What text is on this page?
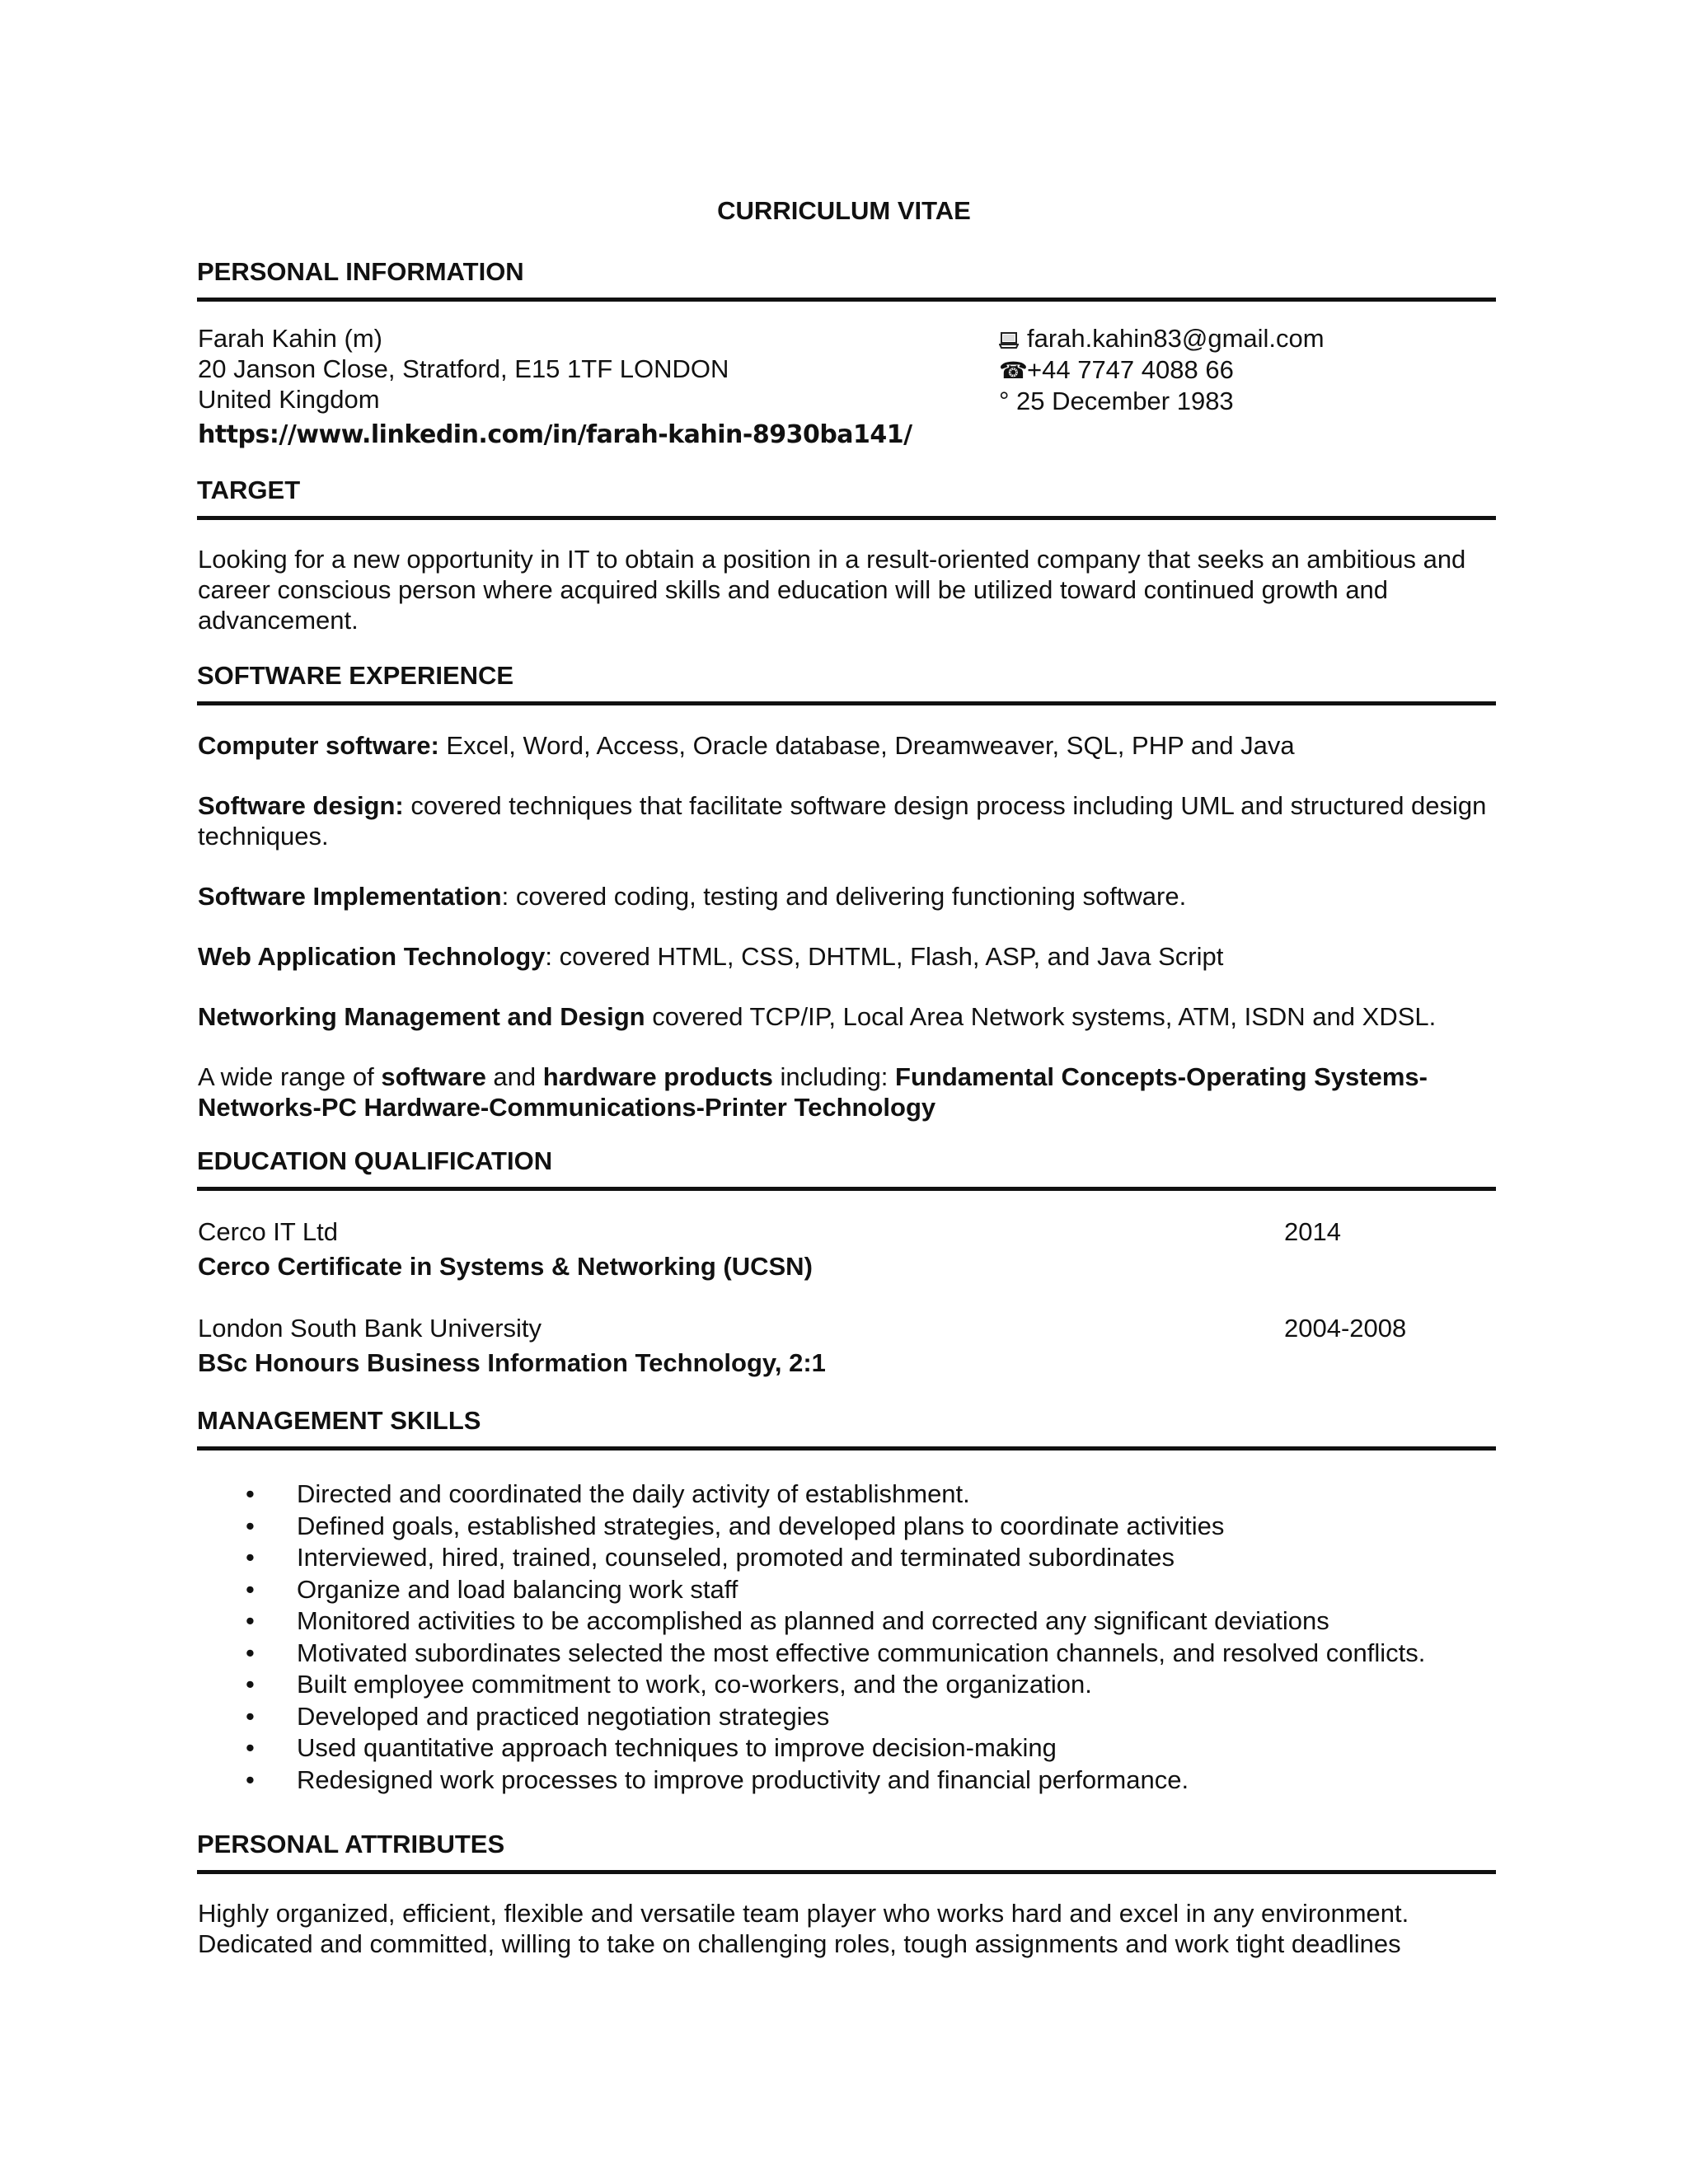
CURRICULUM VITAE
PERSONAL INFORMATION
Farah Kahin (m)
20 Janson Close, Stratford, E15 1TF LONDON
United Kingdom
https://www.linkedin.com/in/farah-kahin-8930ba141/
farah.kahin83@gmail.com
☎+44 7747 4088 66
° 25 December 1983
TARGET

Looking for a new opportunity in IT to obtain a position in a result-oriented company that seeks an ambitious and career conscious person where acquired skills and education will be utilized toward continued growth and advancement.

SOFTWARE EXPERIENCE

Computer software: Excel, Word, Access, Oracle database, Dreamweaver, SQL, PHP and Java

Software design: covered techniques that facilitate software design process including UML and structured design techniques.

Software Implementation: covered coding, testing and delivering functioning software.

Web Application Technology: covered HTML, CSS, DHTML, Flash, ASP, and Java Script

Networking Management and Design covered TCP/IP, Local Area Network systems, ATM, ISDN and XDSL.

A wide range of software and hardware products including: Fundamental Concepts-Operating Systems-Networks-PC Hardware-Communications-Printer Technology

EDUCATION QUALIFICATION
Cerco IT Ltd	2014
Cerco Certificate in Systems & Networking (UCSN)
London South Bank University	2004-2008
BSc Honours Business Information Technology, 2:1
MANAGEMENT SKILLS
• Directed and coordinated the daily activity of establishment.
• Defined goals, established strategies, and developed plans to coordinate activities
• Interviewed, hired, trained, counseled, promoted and terminated subordinates
• Organize and load balancing work staff
• Monitored activities to be accomplished as planned and corrected any significant deviations
• Motivated subordinates selected the most effective communication channels, and resolved conflicts.
• Built employee commitment to work, co-workers, and the organization.
• Developed and practiced negotiation strategies
• Used quantitative approach techniques to improve decision-making
• Redesigned work processes to improve productivity and financial performance.
PERSONAL ATTRIBUTES

Highly organized, efficient, flexible and versatile team player who works hard and excel in any environment.

Dedicated and committed, willing to take on challenging roles, tough assignments and work tight deadlines
